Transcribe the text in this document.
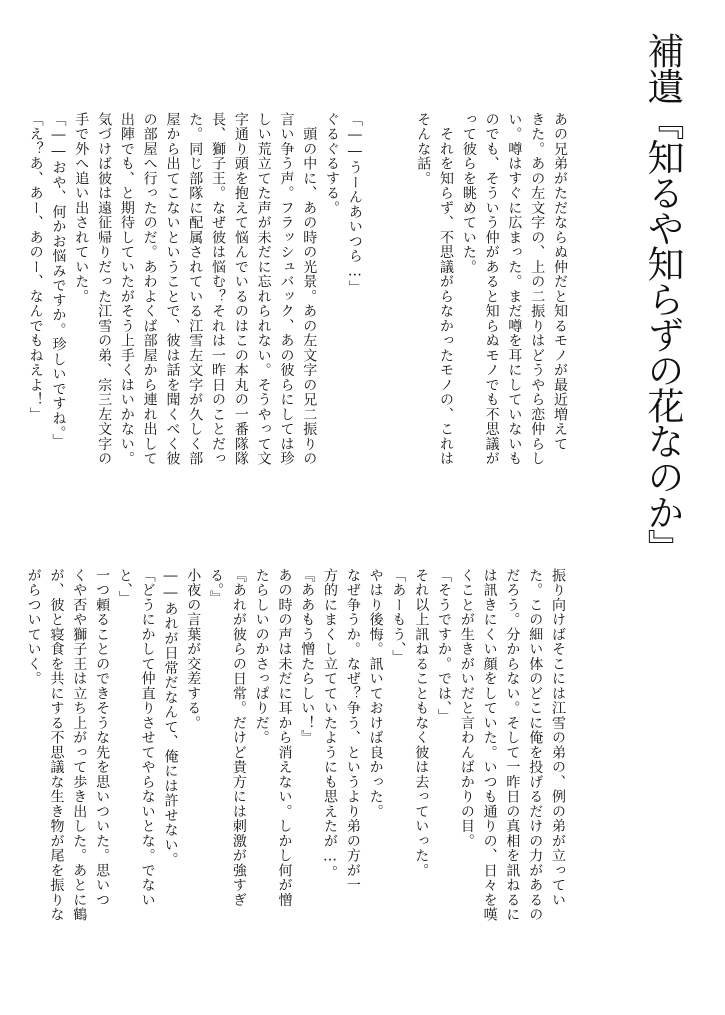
補遺『知るや知らずの花なのか』
あの兄弟がただならぬ仲だと知るモノが最近増えて
きた。あの左文字の、上の二振りはどうやら恋仲らし
い。噂はすぐに広まった。まだ噂を耳にしていないも
のでも、そういう仲があると知らぬモノでも不思議が
って彼らを眺めていた。
　それを知らず、不思議がらなかったモノの、これは
そんな話。

「――うーんあいつら…」
ぐるぐるする。
　頭の中に、あの時の光景。あの左文字の兄二振りの
言い争う声。フラッシュバック、あの彼らにしては珍
しい荒立てた声が未だに忘れられない。そうやって文
字通り頭を抱えて悩んでいるのはこの本丸の一番隊隊
長、獅子王。なぜ彼は悩む？それは一昨日のことだっ
た。同じ部隊に配属されている江雪左文字が久しく部
屋から出てこないということで、彼は話を聞くべく彼
の部屋へ行ったのだ。あわよくば部屋から連れ出して
出陣でも、と期待していたがそう上手くはいかない。
気づけば彼は遠征帰りだった江雪の弟、宗三左文字の
手で外へ追い出されていた。
「――おや、何かお悩みですか。珍しいですね。」
「え？あ、あー、あのー、なんでもねえよ！」
振り向けばそこには江雪の弟の、例の弟が立ってい
た。この細い体のどこに俺を投げるだけの力があるの
だろう。分からない。そして一昨日の真相を訊ねるに
は訊きにくい顔をしていた。いつも通りの、日々を嘆
くことが生きがいだと言わんばかりの目。
「そうですか。では、」
それ以上訊ねることもなく彼は去っていった。
「あーもう、」
やはり後悔。訊いておけば良かった。
なぜ争うか。なぜ？争う、というより弟の方が一
方的にまくし立てていたようにも思えたが…。
『ああもう憎たらしい！』
あの時の声は未だに耳から消えない。しかし何が憎
たらしいのかさっぱりだ。
『あれが彼らの日常。だけど貴方には刺激が強すぎ
る。』
小夜の言葉が交差する。
――あれが日常だなんて、俺には許せない。
「どうにかして仲直りさせてやらないとな。でない
と、」
一つ頼ることのできそうな先を思いついた。思いつ
くや否や獅子王は立ち上がって歩き出した。あとに鶴
が、彼と寝食を共にする不思議な生き物が尾を振りな
がらついていく。
